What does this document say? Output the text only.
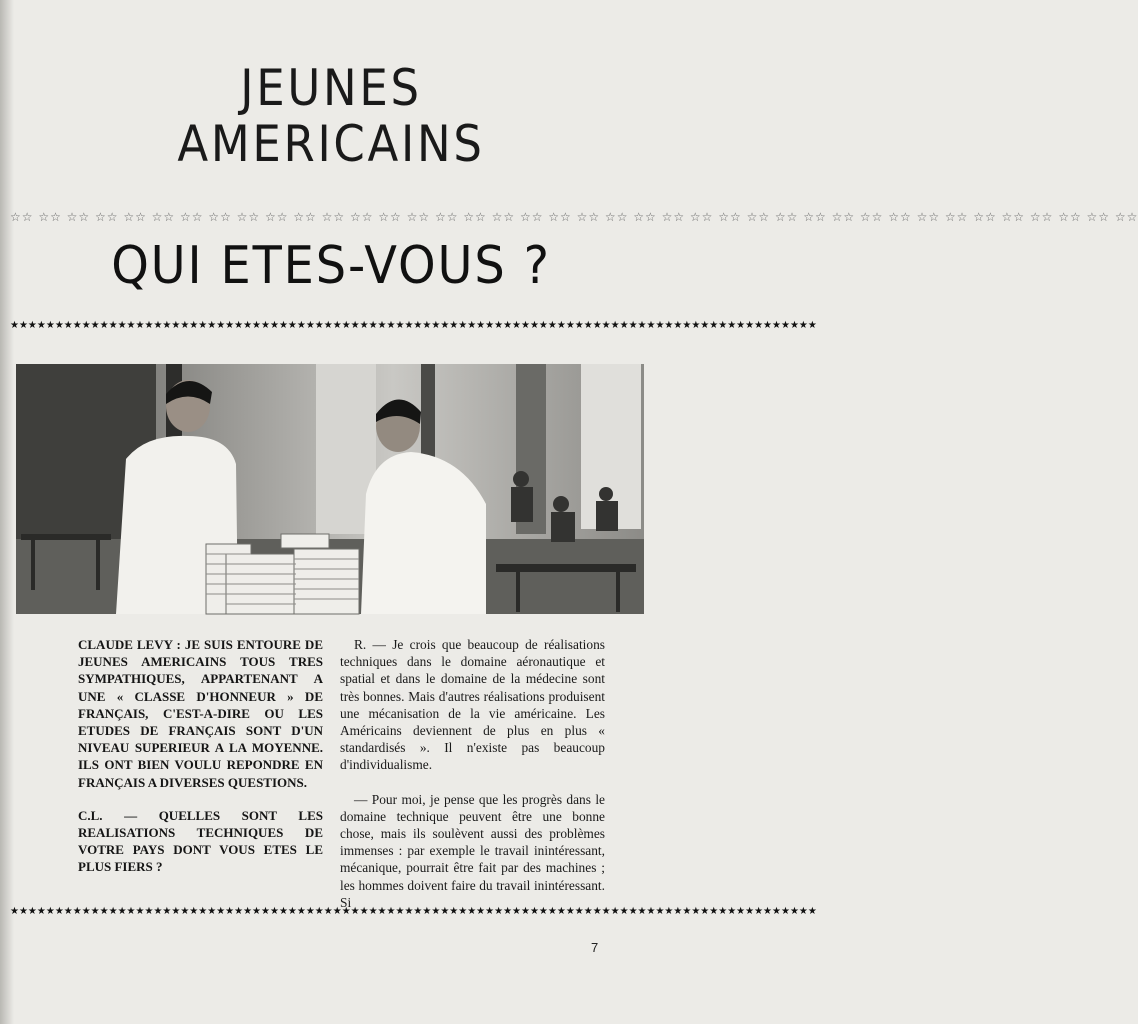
JEUNES
AMERICAINS
☆☆ ☆☆ ☆☆ ☆☆ ☆☆ ☆☆ ☆☆ ☆☆ ☆☆ ☆☆ ☆☆ ☆☆ ☆☆ ☆☆ ☆☆ ☆☆ ☆☆ ☆☆ ☆☆ ☆☆ ☆☆ ☆☆ ☆☆ ☆☆ ☆☆ ☆☆ ☆☆ ☆☆ ☆☆ ☆☆ ☆☆ ☆☆ ☆☆ ☆☆ ☆☆ ☆☆ ☆☆ ☆☆ ☆☆ ☆☆
QUI ETES-VOUS ?
★★★★★★★★★★★★★★★★★★★★★★★★★★★★★★★★★★★★★★★★★★★★★★★★★★★★★★★★★★★★★★★★★★★★★★★★★★★★★★★★★★★★★★★★★★

CLAUDE LEVY : JE SUIS ENTOURE DE JEUNES AMERICAINS TOUS TRES SYMPATHIQUES, APPARTENANT A UNE « CLASSE D'HONNEUR » DE FRANÇAIS, C'EST-A-DIRE OU LES ETUDES DE FRANÇAIS SONT D'UN NIVEAU SUPERIEUR A LA MOYENNE. ILS ONT BIEN VOULU REPONDRE EN FRANÇAIS A DIVERSES QUESTIONS.

C.L. — QUELLES SONT LES REALISATIONS TECHNIQUES DE VOTRE PAYS DONT VOUS ETES LE PLUS FIERS ?

R. — Je crois que beaucoup de réalisations techniques dans le domaine aéronautique et spatial et dans le domaine de la médecine sont très bonnes. Mais d'autres réalisations produisent une mécanisation de la vie américaine. Les Américains deviennent de plus en plus « standardisés ». Il n'existe pas beaucoup d'individualisme.

— Pour moi, je pense que les progrès dans le domaine technique peuvent être une bonne chose, mais ils soulèvent aussi des problèmes immenses : par exemple le travail inintéressant, mécanique, pourrait être fait par des machines ; les hommes doivent faire du travail inintéressant. Si

★★★★★★★★★★★★★★★★★★★★★★★★★★★★★★★★★★★★★★★★★★★★★★★★★★★★★★★★★★★★★★★★★★★★★★★★★★★★★★★★★★★★★★★★★★
7
